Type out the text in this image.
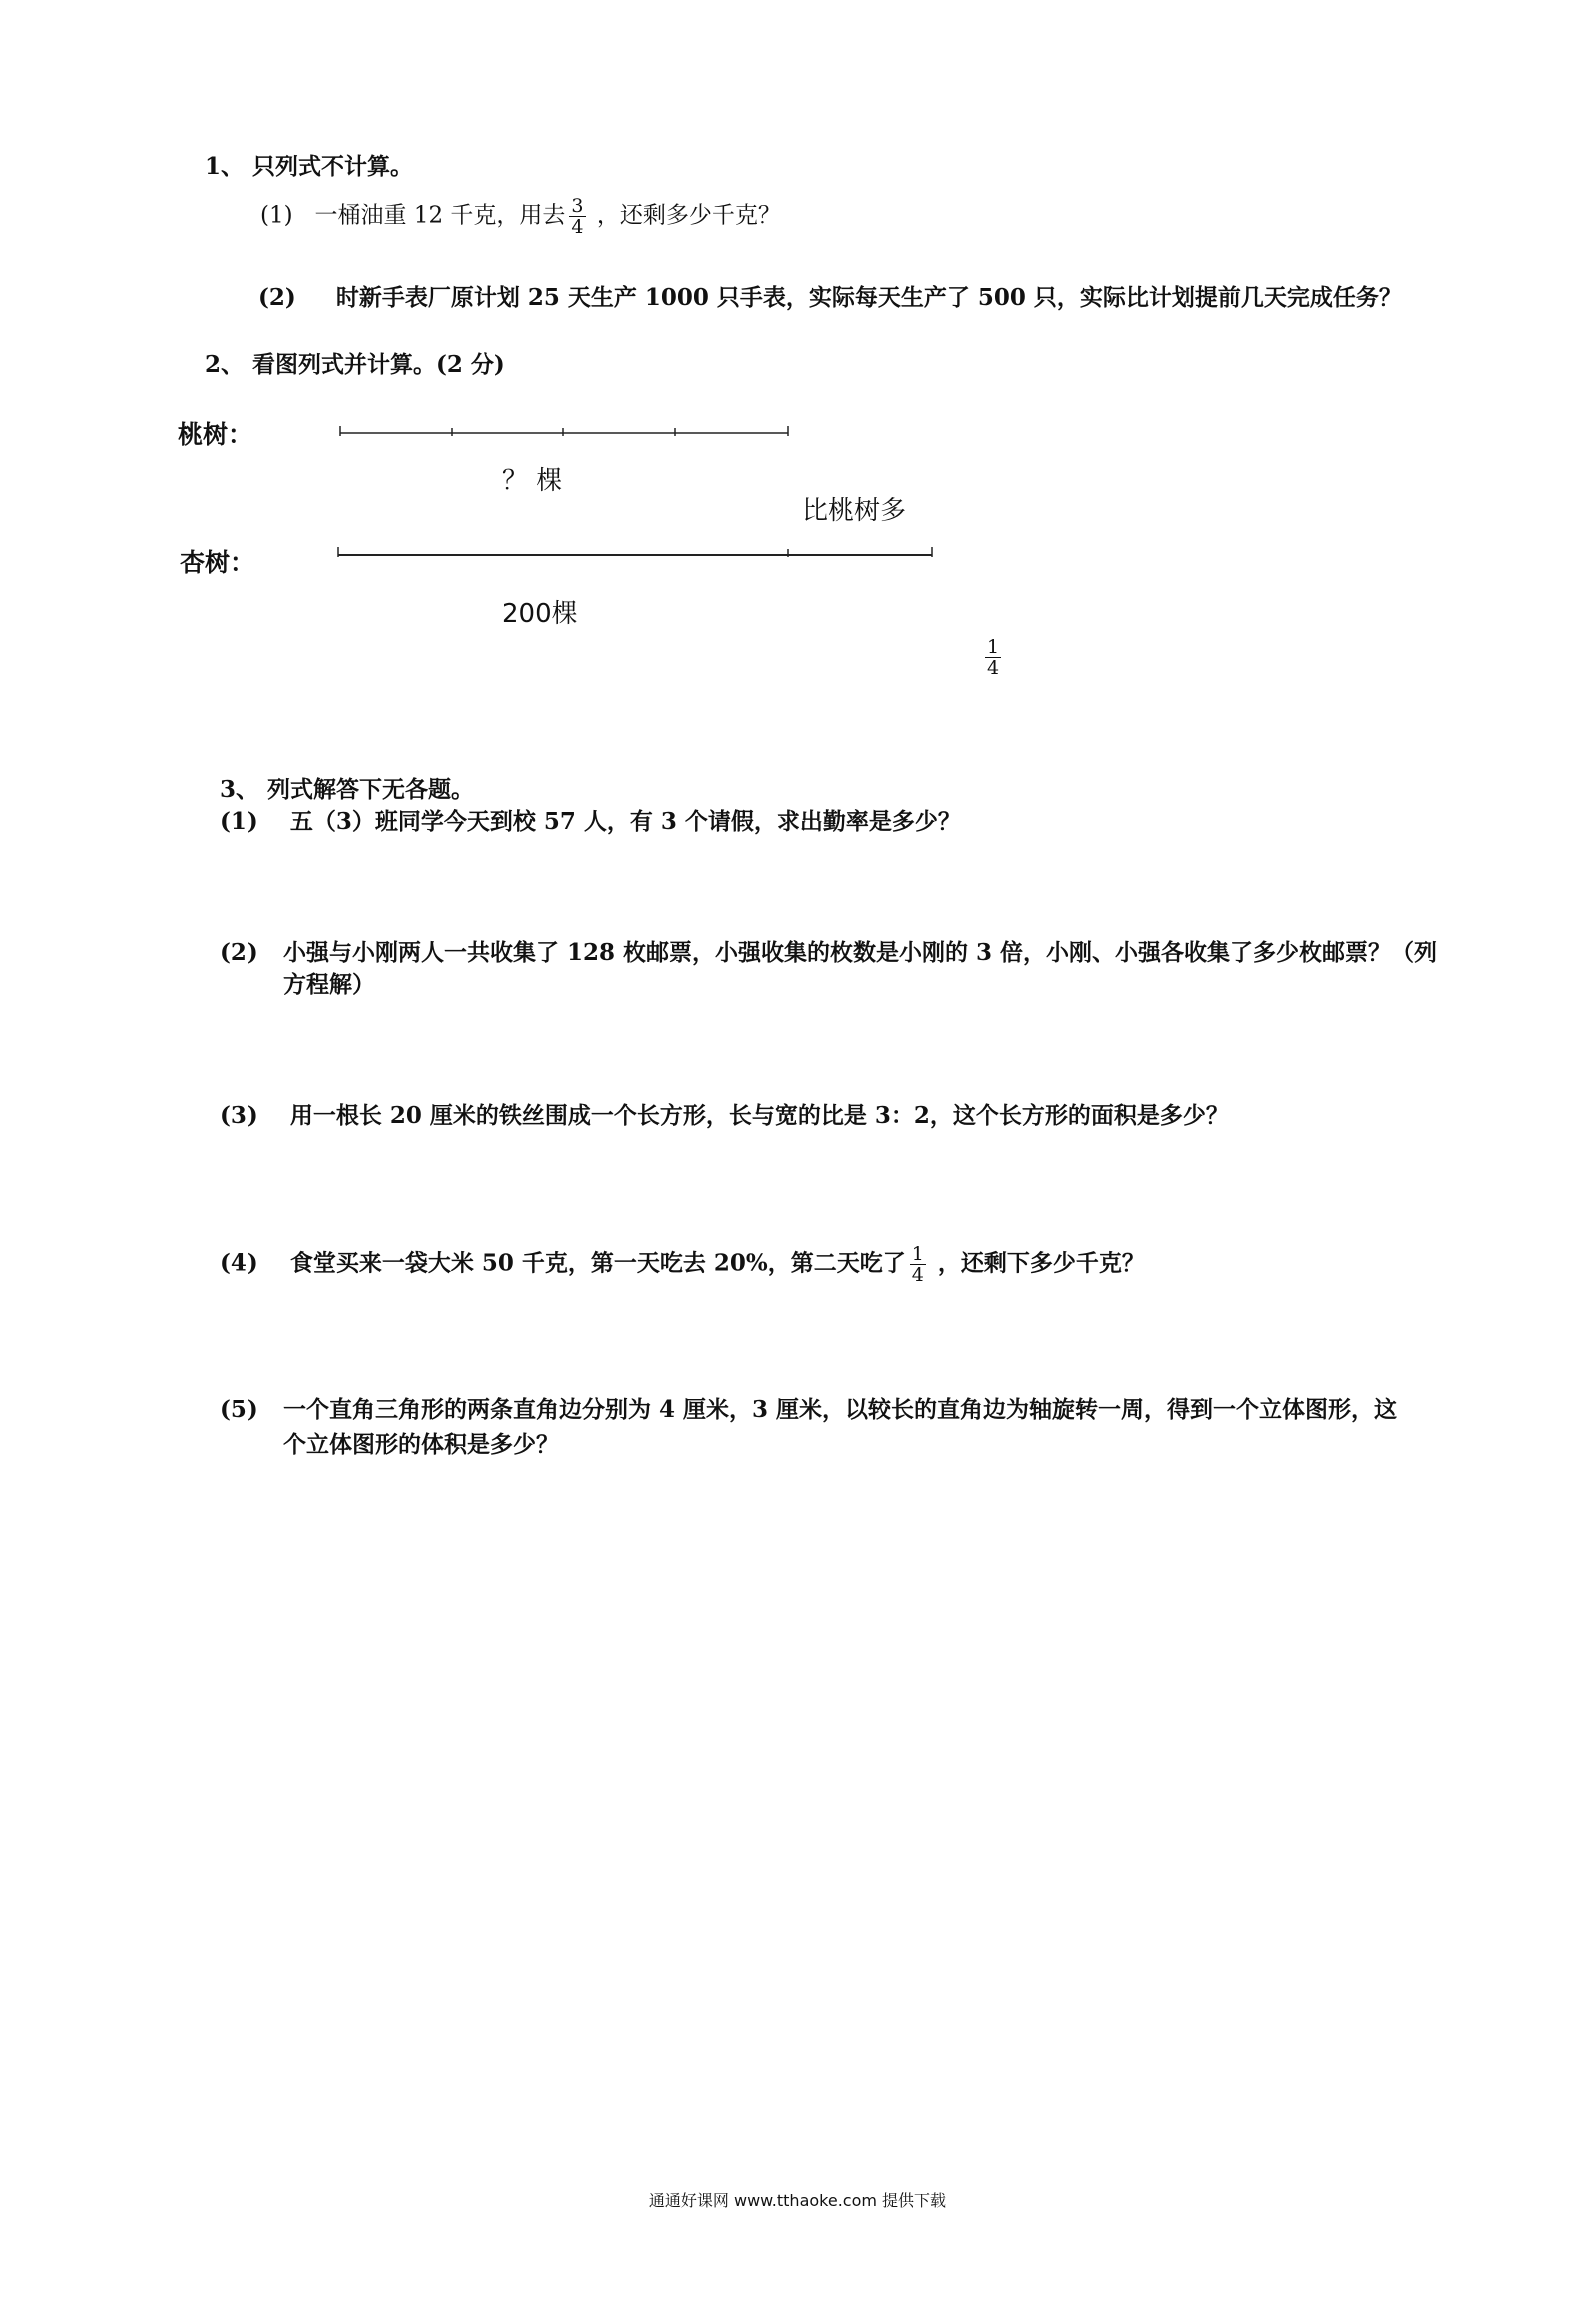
1、 只列式不计算。
(1) 一桶油重 12 千克，用去 $\frac{3}{4}$ ，还剩多少千克？
(2) 时新手表厂原计划 25 天生产 1000 只手表，实际每天生产了 500 只，实际比计划提前几天完成任务？
2、 看图列式并计算。(2 分)
桃树：
？ 棵
比桃树多
杏树：
200棵
$\frac{1}{4}$
3、 列式解答下无各题。
(1) 五（3）班同学今天到校 57 人，有 3 个请假，求出勤率是多少？
(2) 小强与小刚两人一共收集了 128 枚邮票，小强收集的枚数是小刚的 3 倍，小刚、小强各收集了多少枚邮票？（列
方程解）
(3) 用一根长 20 厘米的铁丝围成一个长方形，长与宽的比是 3：2，这个长方形的面积是多少？
(4) 食堂买来一袋大米 50 千克，第一天吃去 20%，第二天吃了 $\frac{1}{4}$ ，还剩下多少千克？
(5) 一个直角三角形的两条直角边分别为 4 厘米，3 厘米，以较长的直角边为轴旋转一周，得到一个立体图形，这
个立体图形的体积是多少？
通通好课网 www.tthaoke.com 提供下载
